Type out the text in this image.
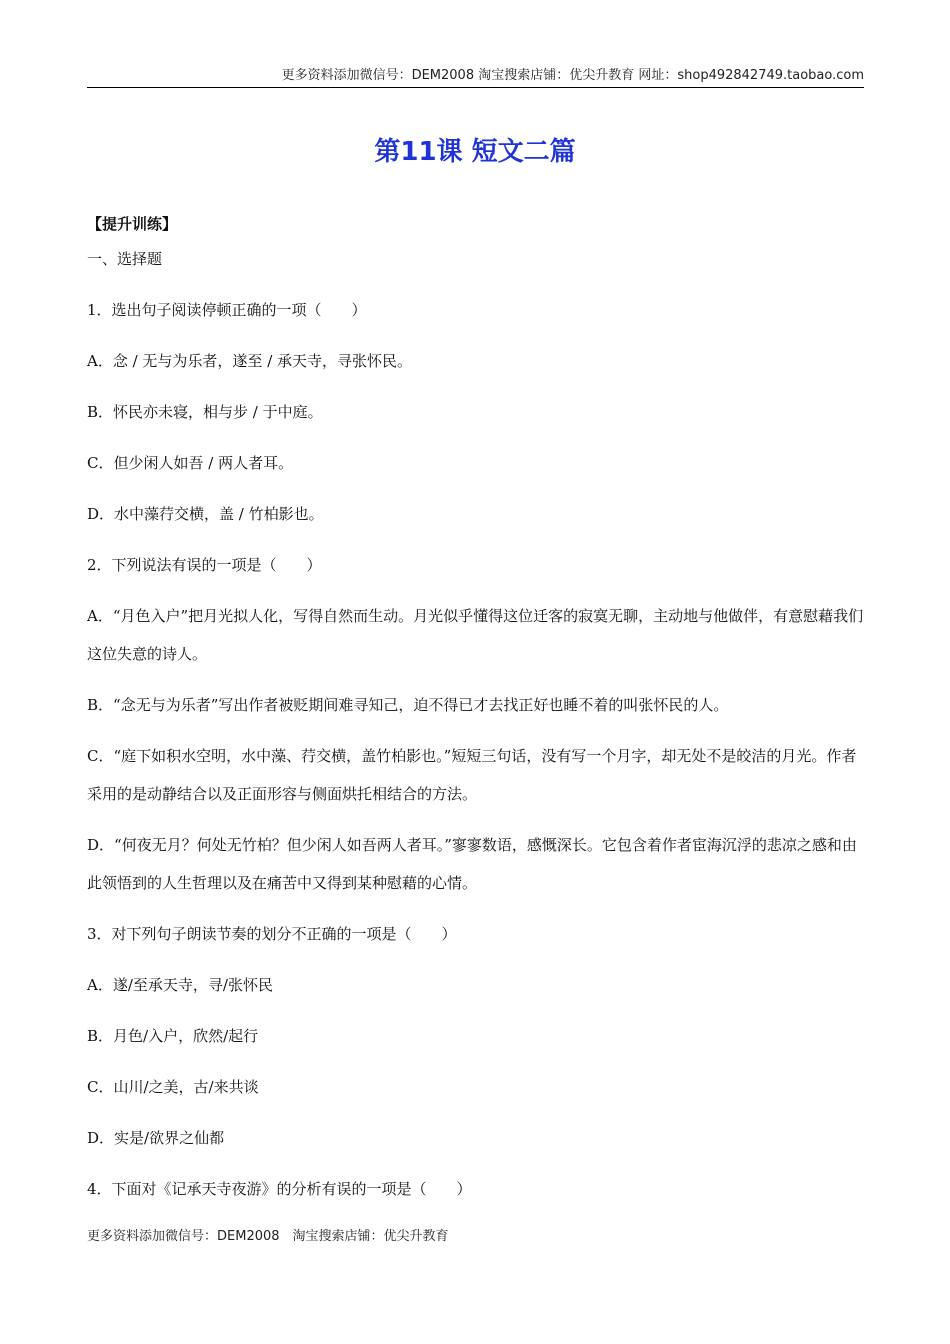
更多资料添加微信号：DEM2008 淘宝搜索店铺：优尖升教育 网址：shop492842749.taobao.com
第11课 短文二篇
【提升训练】
一、选择题
1．选出句子阅读停顿正确的一项（　　）
A．念 / 无与为乐者，遂至 / 承天寺，寻张怀民。
B．怀民亦未寝，相与步 / 于中庭。
C．但少闲人如吾 / 两人者耳。
D．水中藻荇交横，盖 / 竹柏影也。
2．下列说法有误的一项是（　　）
A．“月色入户”把月光拟人化，写得自然而生动。月光似乎懂得这位迁客的寂寞无聊，主动地与他做伴，有意慰藉我们这位失意的诗人。
B．“念无与为乐者”写出作者被贬期间难寻知己，迫不得已才去找正好也睡不着的叫张怀民的人。
C．“庭下如积水空明，水中藻、荇交横，盖竹柏影也。”短短三句话，没有写一个月字，却无处不是皎洁的月光。作者采用的是动静结合以及正面形容与侧面烘托相结合的方法。
D．“何夜无月？何处无竹柏？但少闲人如吾两人者耳。”寥寥数语，感慨深长。它包含着作者宦海沉浮的悲凉之感和由此领悟到的人生哲理以及在痛苦中又得到某种慰藉的心情。
3．对下列句子朗读节奏的划分不正确的一项是（　　）
A．遂/至承天寺，寻/张怀民
B．月色/入户，欣然/起行
C．山川/之美，古/来共谈
D．实是/欲界之仙都
4．下面对《记承天寺夜游》的分析有误的一项是（　　）
更多资料添加微信号：DEM2008　淘宝搜索店铺：优尖升教育
